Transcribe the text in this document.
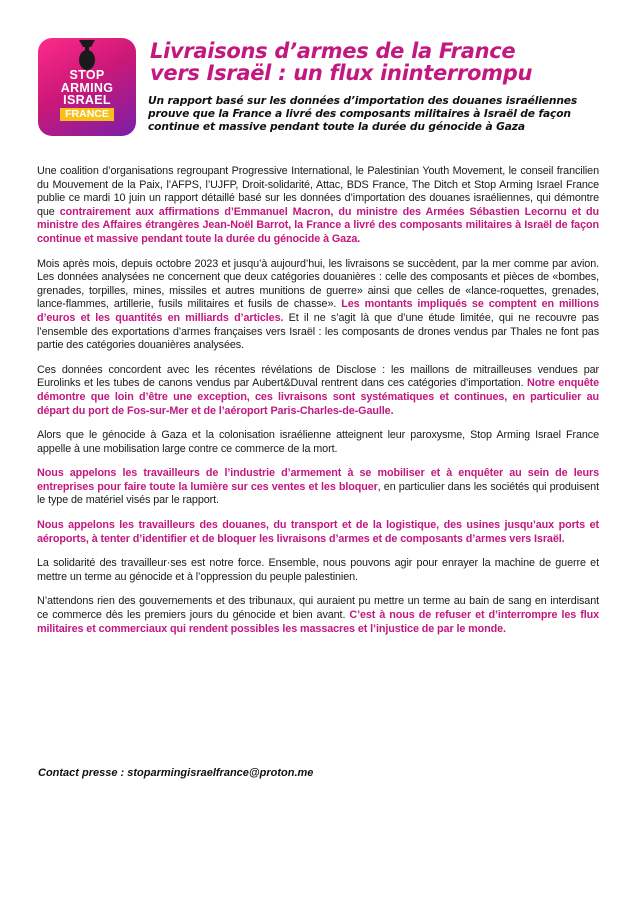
STOP
ARMING
ISRAEL
FRANCE
Livraisons d’armes de la France
vers Israël : un flux ininterrompu

Un rapport basé sur les données d’importation des douanes israéliennes prouve que la France a livré des composants militaires à Israël de façon continue et massive pendant toute la durée du génocide à Gaza

Une coalition d’organisations regroupant Progressive International, le Palestinian Youth Movement, le conseil francilien du Mouvement de la Paix, l’AFPS, l’UJFP, Droit-solidarité, Attac, BDS France, The Ditch et Stop Arming Israel France publie ce mardi 10 juin un rapport détaillé basé sur les données d’importation des douanes israéliennes, qui démontre que contrairement aux affirmations d’Emmanuel Macron, du ministre des Armées Sébastien Lecornu et du ministre des Affaires étrangères Jean-Noël Barrot, la France a livré des composants militaires à Israël de façon continue et massive pendant toute la durée du génocide à Gaza.

Mois après mois, depuis octobre 2023 et jusqu’à aujourd’hui, les livraisons se succèdent, par la mer comme par avion. Les données analysées ne concernent que deux catégories douanières : celle des composants et pièces de «bombes, grenades, torpilles, mines, missiles et autres munitions de guerre» ainsi que celles de «lance-roquettes, grenades, lance-flammes, artillerie, fusils militaires et fusils de chasse». Les montants impliqués se comptent en millions d’euros et les quantités en milliards d’articles. Et il ne s’agit là que d’une étude limitée, qui ne recouvre pas l’ensemble des exportations d’armes françaises vers Israël : les composants de drones vendus par Thales ne font pas partie des catégories douanières analysées.

Ces données concordent avec les récentes révélations de Disclose : les maillons de mitrailleuses vendues par Eurolinks et les tubes de canons vendus par Aubert&Duval rentrent dans ces catégories d’importation. Notre enquête démontre que loin d’être une exception, ces livraisons sont systématiques et continues, en particulier au départ du port de Fos-sur-Mer et de l’aéroport Paris-Charles-de-Gaulle.

Alors que le génocide à Gaza et la colonisation israélienne atteignent leur paroxysme, Stop Arming Israel France appelle à une mobilisation large contre ce commerce de la mort.

Nous appelons les travailleurs de l’industrie d’armement à se mobiliser et à enquêter au sein de leurs entreprises pour faire toute la lumière sur ces ventes et les bloquer, en particulier dans les sociétés qui produisent le type de matériel visés par le rapport.

Nous appelons les travailleurs des douanes, du transport et de la logistique, des usines jusqu’aux ports et aéroports, à tenter d’identifier et de bloquer les livraisons d’armes et de composants d’armes vers Israël.

La solidarité des travailleur·ses est notre force. Ensemble, nous pouvons agir pour enrayer la machine de guerre et mettre un terme au génocide et à l’oppression du peuple palestinien.

N’attendons rien des gouvernements et des tribunaux, qui auraient pu mettre un terme au bain de sang en interdisant ce commerce dès les premiers jours du génocide et bien avant. C’est à nous de refuser et d’interrompre les flux militaires et commerciaux qui rendent possibles les massacres et l’injustice de par le monde.

Contact presse : stoparmingisraelfrance@proton.me
